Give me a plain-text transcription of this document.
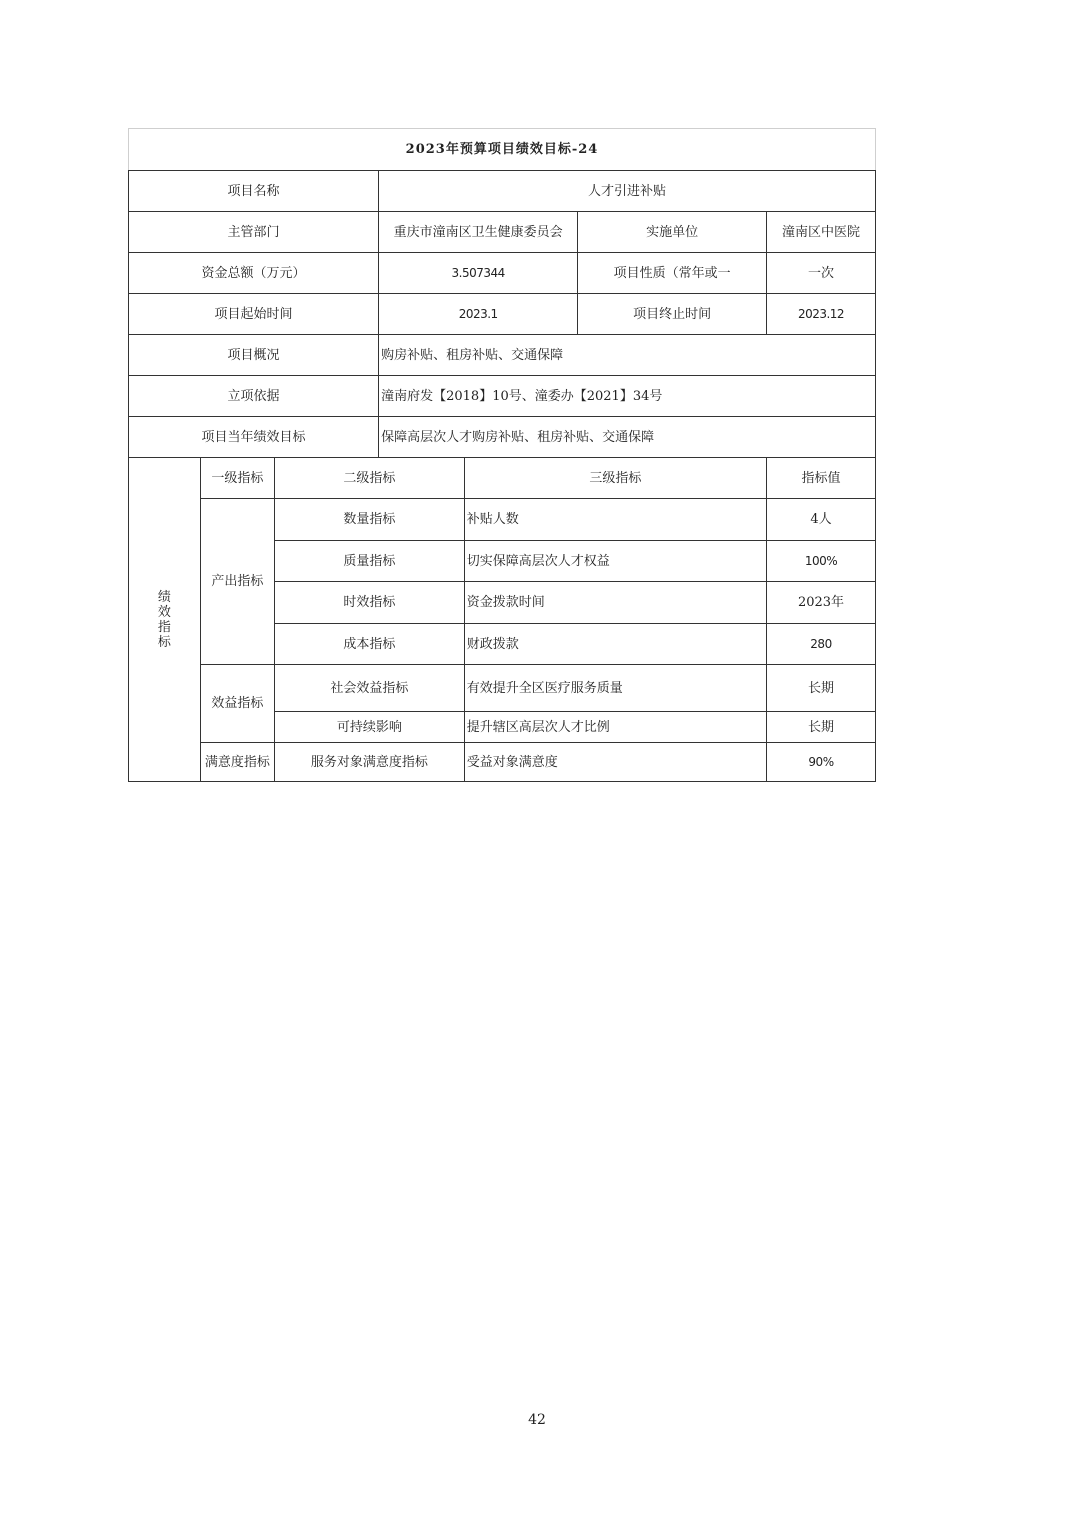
2023年预算项目绩效目标-24						
项目名称			人才引进补贴			
主管部门			重庆市潼南区卫生健康委员会		实施单位	潼南区中医院
资金总额（万元）			3.507344		项目性质（常年或一	一次
项目起始时间			2023.1		项目终止时间	2023.12
项目概况			购房补贴、租房补贴、交通保障			
立项依据			潼南府发【2018】10号、潼委办【2021】34号			
项目当年绩效目标			保障高层次人才购房补贴、租房补贴、交通保障			

绩效指标	一级指标	二级指标		三级指标		指标值
	产出指标	数量指标		补贴人数		4人
		质量指标		切实保障高层次人才权益		100%
		时效指标		资金拨款时间		2023年
		成本指标		财政拨款		280
	效益指标	社会效益指标		有效提升全区医疗服务质量		长期
		可持续影响		提升辖区高层次人才比例		长期
	满意度指标	服务对象满意度指标		受益对象满意度		90%
42
